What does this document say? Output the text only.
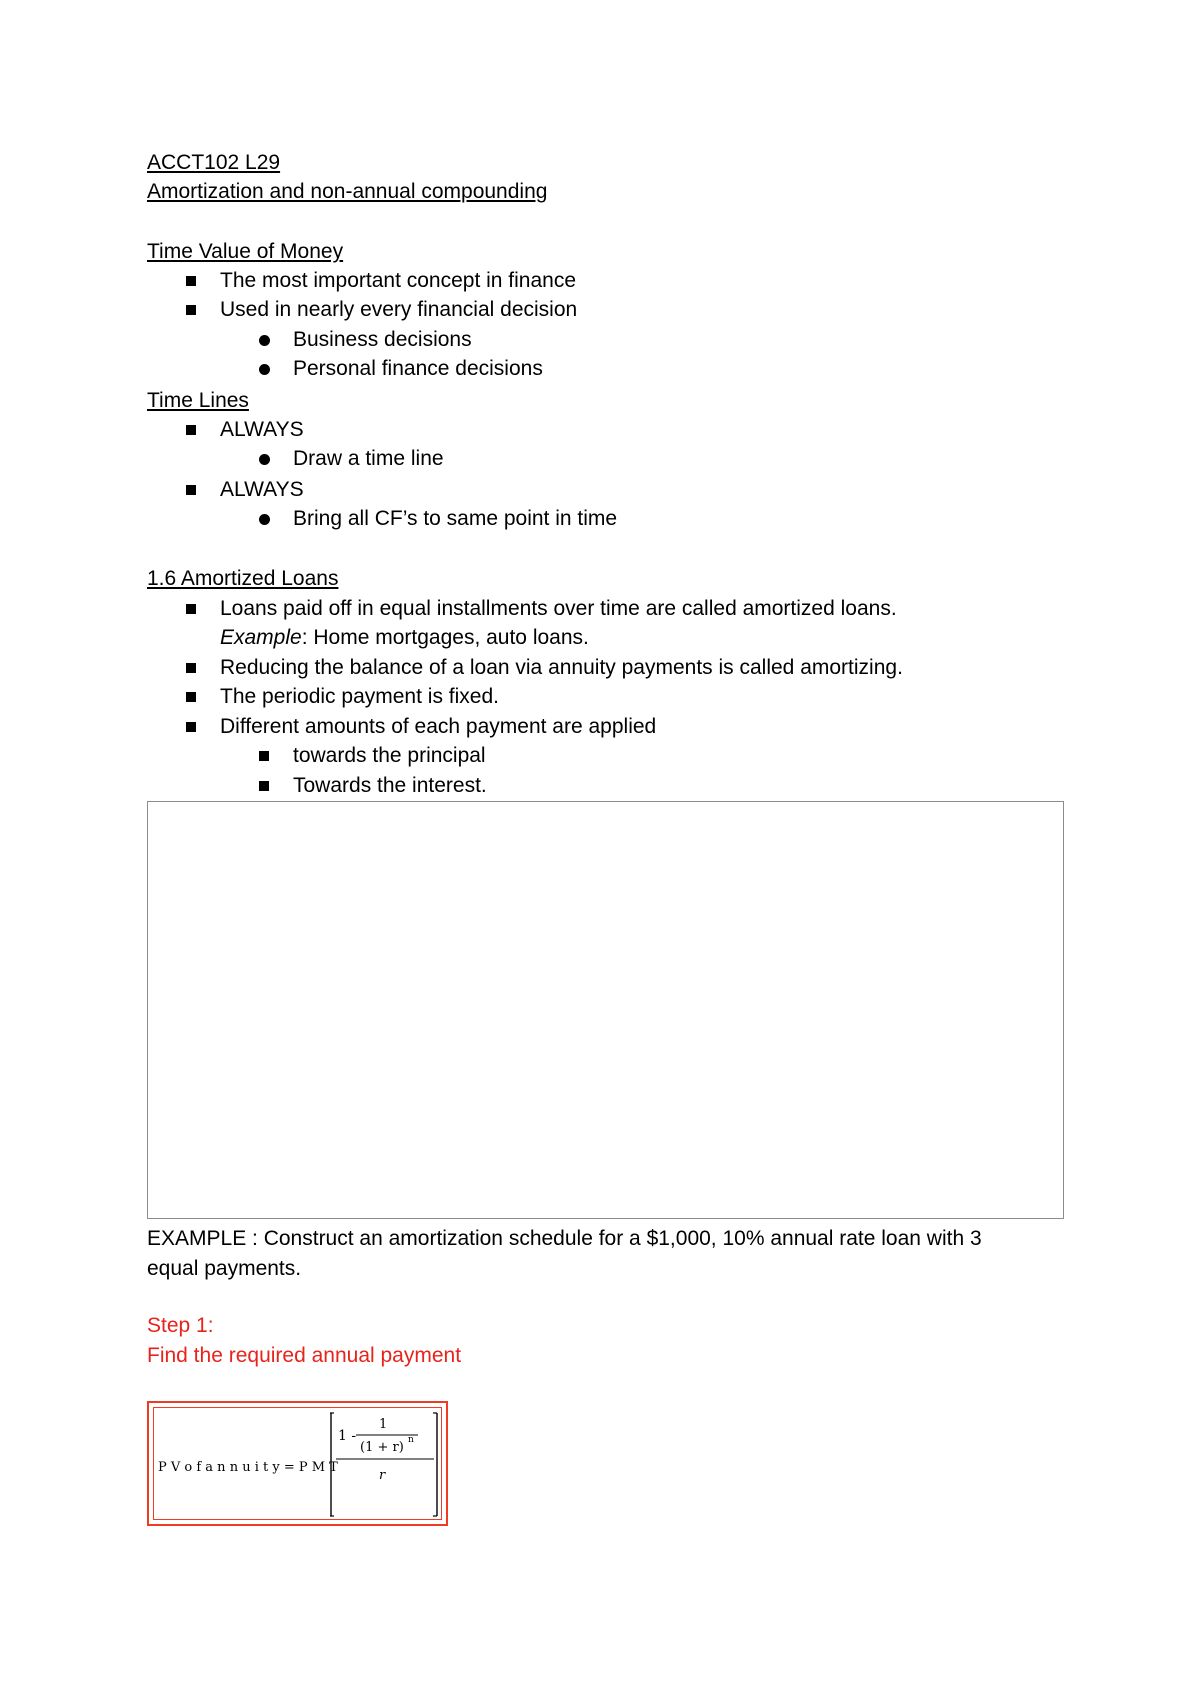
ACCT102 L29
Amortization and non-annual compounding
Time Value of Money
The most important concept in finance
Used in nearly every financial decision
Business decisions
Personal finance decisions
Time Lines
ALWAYS
Draw a time line
ALWAYS
Bring all CF’s to same point in time
1.6 Amortized Loans
Loans paid off in equal installments over time are called amortized loans.
Example: Home mortgages, auto loans.
Reducing the balance of a loan via annuity payments is called amortizing.
The periodic payment is fixed.
Different amounts of each payment are applied
towards the principal
Towards the interest.
EXAMPLE : Construct an amortization schedule for a $1,000, 10% annual rate loan with 3
equal payments.
Step 1:
Find the required annual payment
P V o f a n n u i t y = P M T
1 -
1
(1 + r) n
r
